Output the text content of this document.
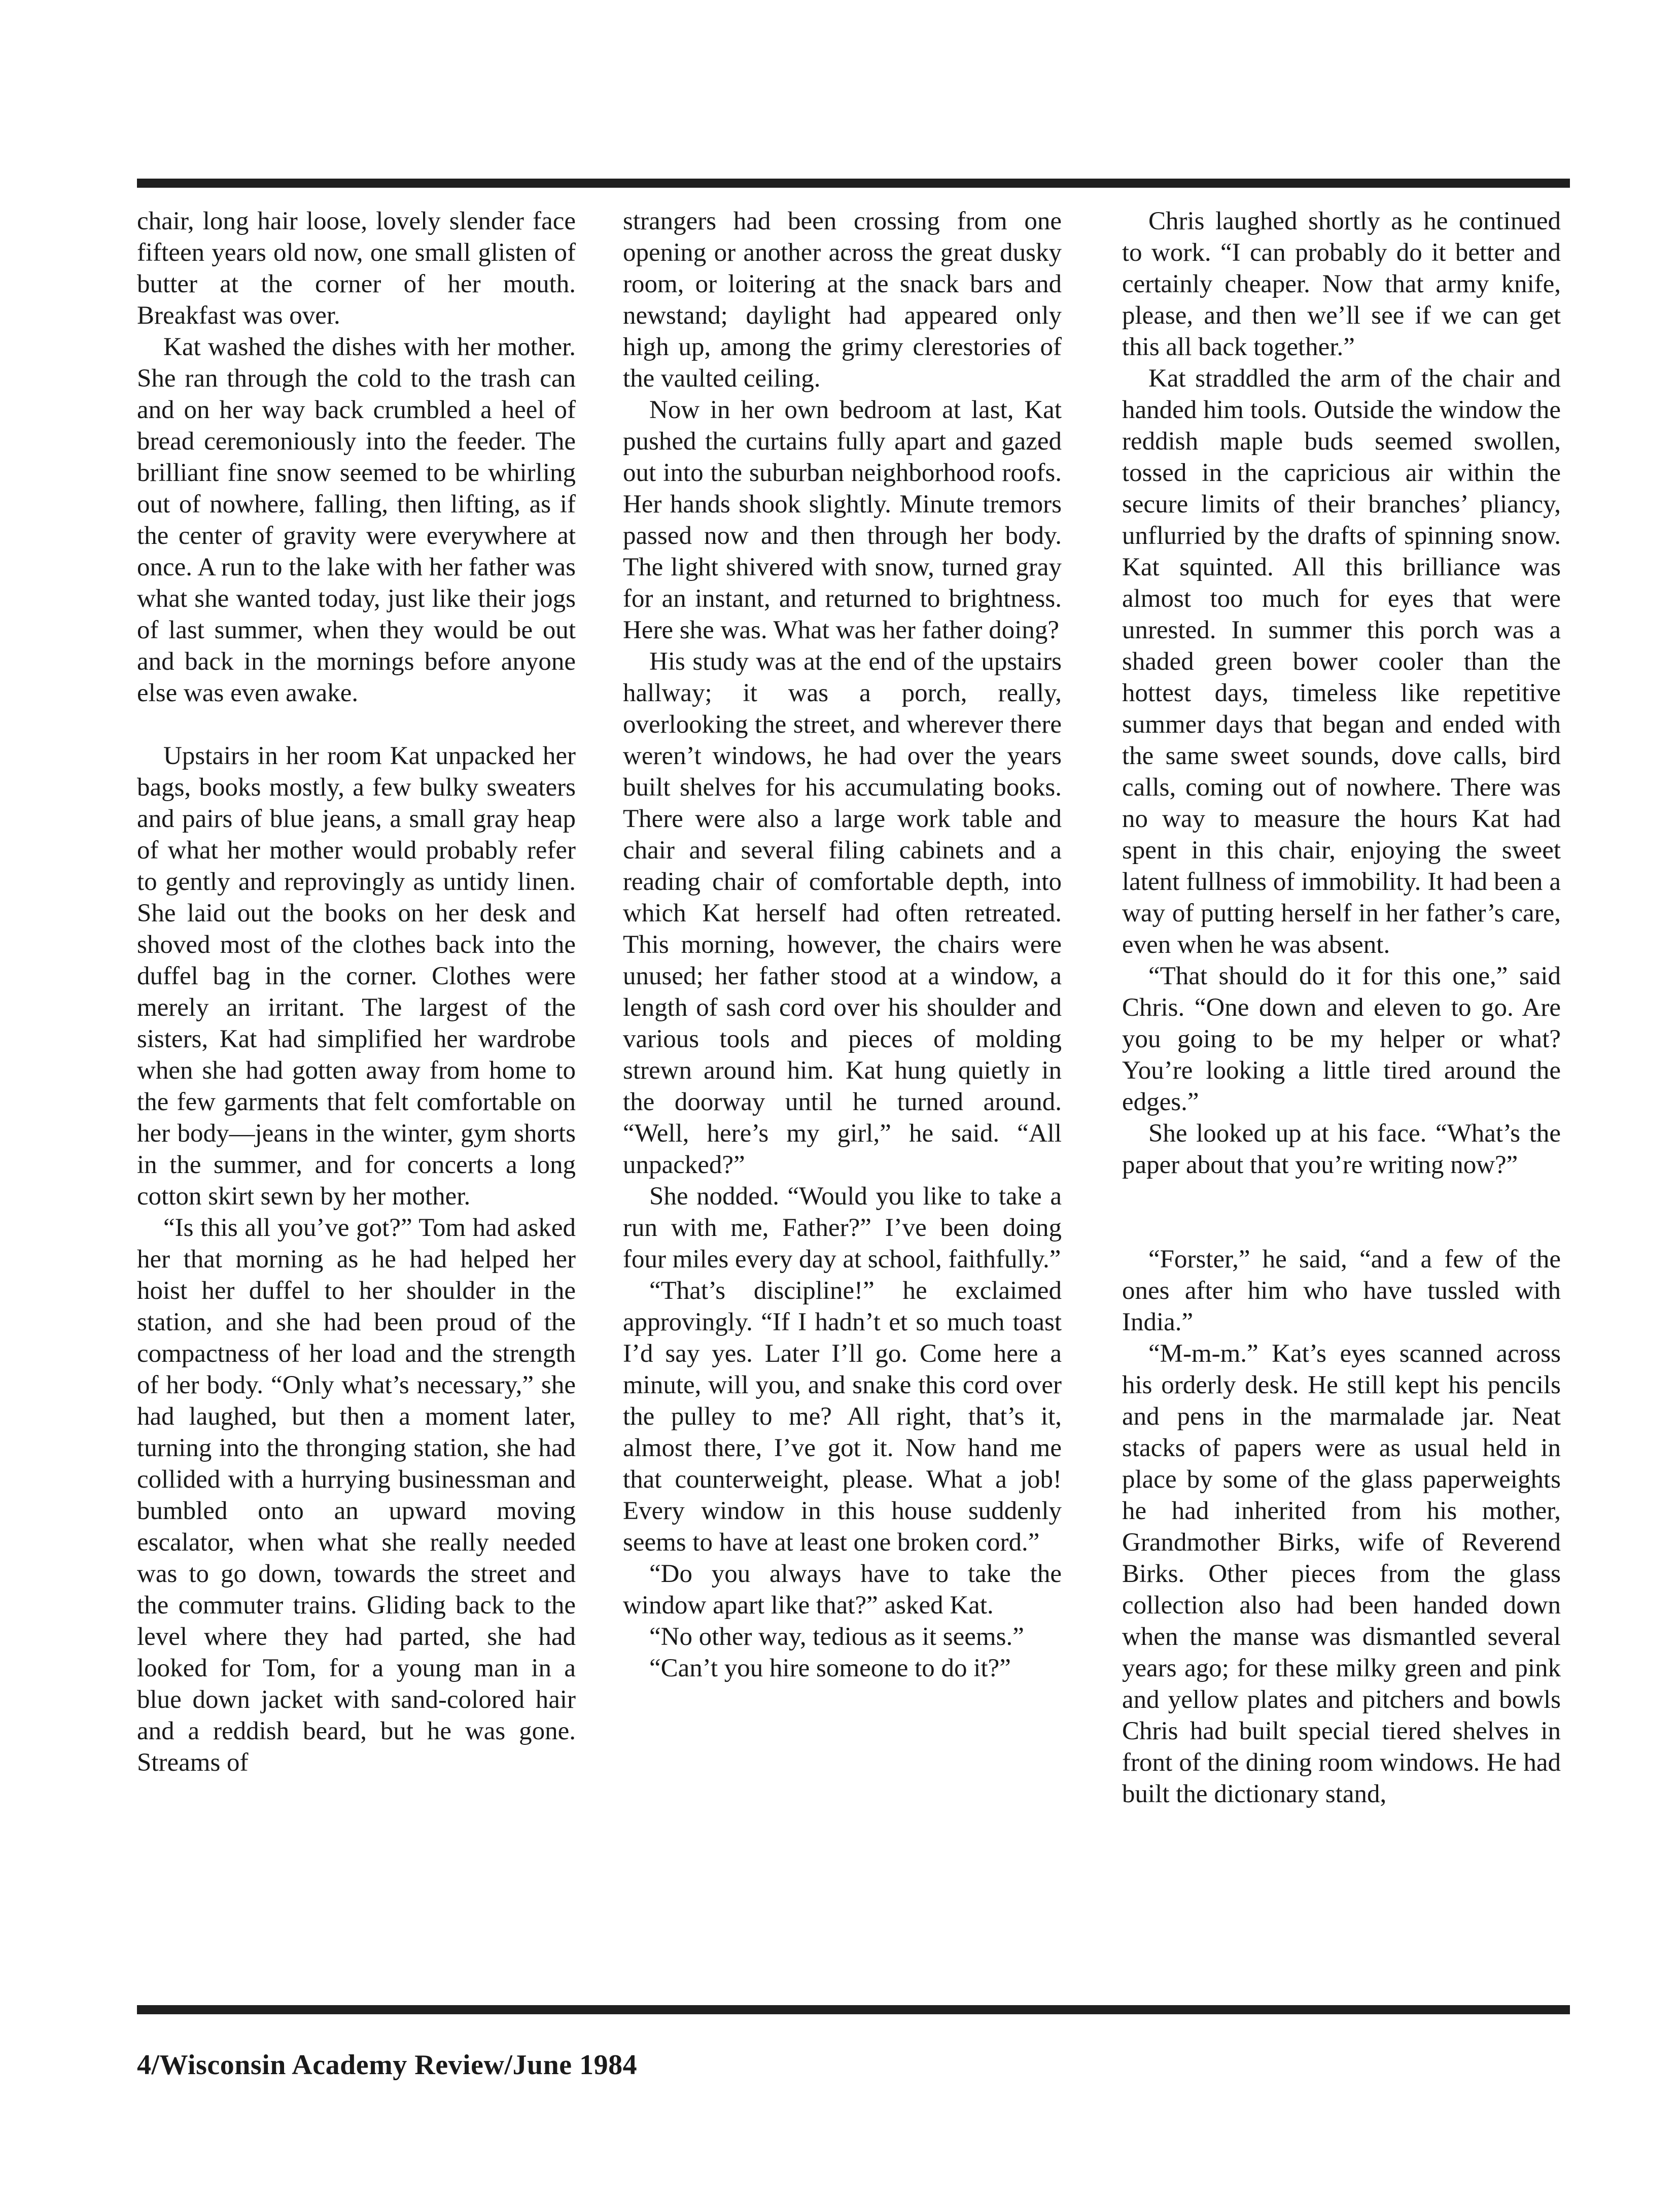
chair, long hair loose, lovely slender face fifteen years old now, one small glisten of butter at the corner of her mouth. Breakfast was over.

Kat washed the dishes with her mother. She ran through the cold to the trash can and on her way back crumbled a heel of bread ceremoniously into the feeder. The brilliant fine snow seemed to be whirling out of nowhere, falling, then lifting, as if the center of gravity were everywhere at once. A run to the lake with her father was what she wanted today, just like their jogs of last summer, when they would be out and back in the mornings before anyone else was even awake.

Upstairs in her room Kat unpacked her bags, books mostly, a few bulky sweaters and pairs of blue jeans, a small gray heap of what her mother would probably refer to gently and reprovingly as untidy linen. She laid out the books on her desk and shoved most of the clothes back into the duffel bag in the corner. Clothes were merely an irritant. The largest of the sisters, Kat had simplified her wardrobe when she had gotten away from home to the few garments that felt comfortable on her body—jeans in the winter, gym shorts in the summer, and for concerts a long cotton skirt sewn by her mother.

“Is this all you’ve got?” Tom had asked her that morning as he had helped her hoist her duffel to her shoulder in the station, and she had been proud of the compactness of her load and the strength of her body. “Only what’s necessary,” she had laughed, but then a moment later, turning into the thronging station, she had collided with a hurrying businessman and bumbled onto an upward moving escalator, when what she really needed was to go down, towards the street and the commuter trains. Gliding back to the level where they had parted, she had looked for Tom, for a young man in a blue down jacket with sand-colored hair and a reddish beard, but he was gone. Streams of

strangers had been crossing from one opening or another across the great dusky room, or loitering at the snack bars and newstand; daylight had appeared only high up, among the grimy clerestories of the vaulted ceiling.

Now in her own bedroom at last, Kat pushed the curtains fully apart and gazed out into the suburban neighborhood roofs. Her hands shook slightly. Minute tremors passed now and then through her body. The light shivered with snow, turned gray for an instant, and returned to brightness. Here she was. What was her father doing?

His study was at the end of the upstairs hallway; it was a porch, really, overlooking the street, and wherever there weren’t windows, he had over the years built shelves for his accumulating books. There were also a large work table and chair and several filing cabinets and a reading chair of comfortable depth, into which Kat herself had often retreated. This morning, however, the chairs were unused; her father stood at a window, a length of sash cord over his shoulder and various tools and pieces of molding strewn around him. Kat hung quietly in the doorway until he turned around. “Well, here’s my girl,” he said. “All unpacked?”

She nodded. “Would you like to take a run with me, Father?” I’ve been doing four miles every day at school, faithfully.”

“That’s discipline!” he exclaimed approvingly. “If I hadn’t et so much toast I’d say yes. Later I’ll go. Come here a minute, will you, and snake this cord over the pulley to me? All right, that’s it, almost there, I’ve got it. Now hand me that counterweight, please. What a job! Every window in this house suddenly seems to have at least one broken cord.”

“Do you always have to take the window apart like that?” asked Kat.

“No other way, tedious as it seems.”

“Can’t you hire someone to do it?”

Chris laughed shortly as he continued to work. “I can probably do it better and certainly cheaper. Now that army knife, please, and then we’ll see if we can get this all back together.”

Kat straddled the arm of the chair and handed him tools. Outside the window the reddish maple buds seemed swollen, tossed in the capricious air within the secure limits of their branches’ pliancy, unflurried by the drafts of spinning snow. Kat squinted. All this brilliance was almost too much for eyes that were unrested. In summer this porch was a shaded green bower cooler than the hottest days, timeless like repetitive summer days that began and ended with the same sweet sounds, dove calls, bird calls, coming out of nowhere. There was no way to measure the hours Kat had spent in this chair, enjoying the sweet latent fullness of immobility. It had been a way of putting herself in her father’s care, even when he was absent.

“That should do it for this one,” said Chris. “One down and eleven to go. Are you going to be my helper or what? You’re looking a little tired around the edges.”

She looked up at his face. “What’s the paper about that you’re writing now?”

“Forster,” he said, “and a few of the ones after him who have tussled with India.”

“M-m-m.” Kat’s eyes scanned across his orderly desk. He still kept his pencils and pens in the marmalade jar. Neat stacks of papers were as usual held in place by some of the glass paperweights he had inherited from his mother, Grandmother Birks, wife of Reverend Birks. Other pieces from the glass collection also had been handed down when the manse was dismantled several years ago; for these milky green and pink and yellow plates and pitchers and bowls Chris had built special tiered shelves in front of the dining room windows. He had built the dictionary stand,

4/Wisconsin Academy Review/June 1984
